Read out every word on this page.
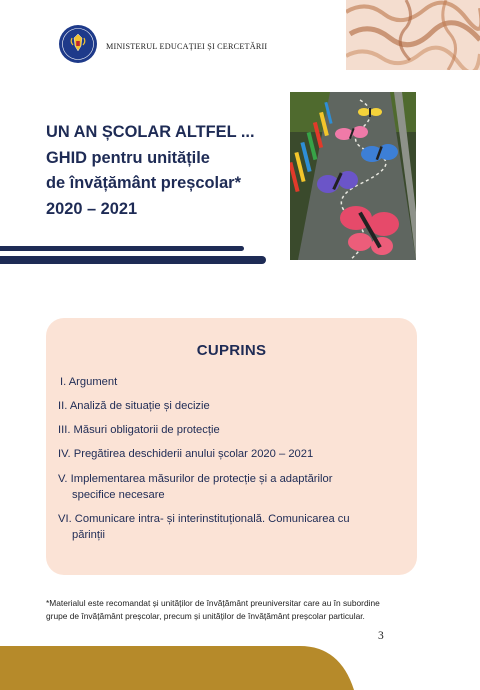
MINISTERUL EDUCAȚIEI ȘI CERCETĂRII
UN AN ȘCOLAR ALTFEL ...
GHID pentru unitățile
de învățământ preșcolar*
2020 – 2021
CUPRINS
I. Argument
II. Analiză de situație și decizie
III. Măsuri obligatorii de protecție
IV. Pregătirea deschiderii anului școlar 2020 – 2021
V. Implementarea măsurilor de protecție și a adaptărilor
specifice necesare
VI. Comunicare intra- și interinstituțională. Comunicarea cu
părinții

*Materialul este recomandat și unităților de învățământ preuniversitar care au în subordine
grupe de învățământ preșcolar, precum și unităților de învățământ preșcolar particular.

3
